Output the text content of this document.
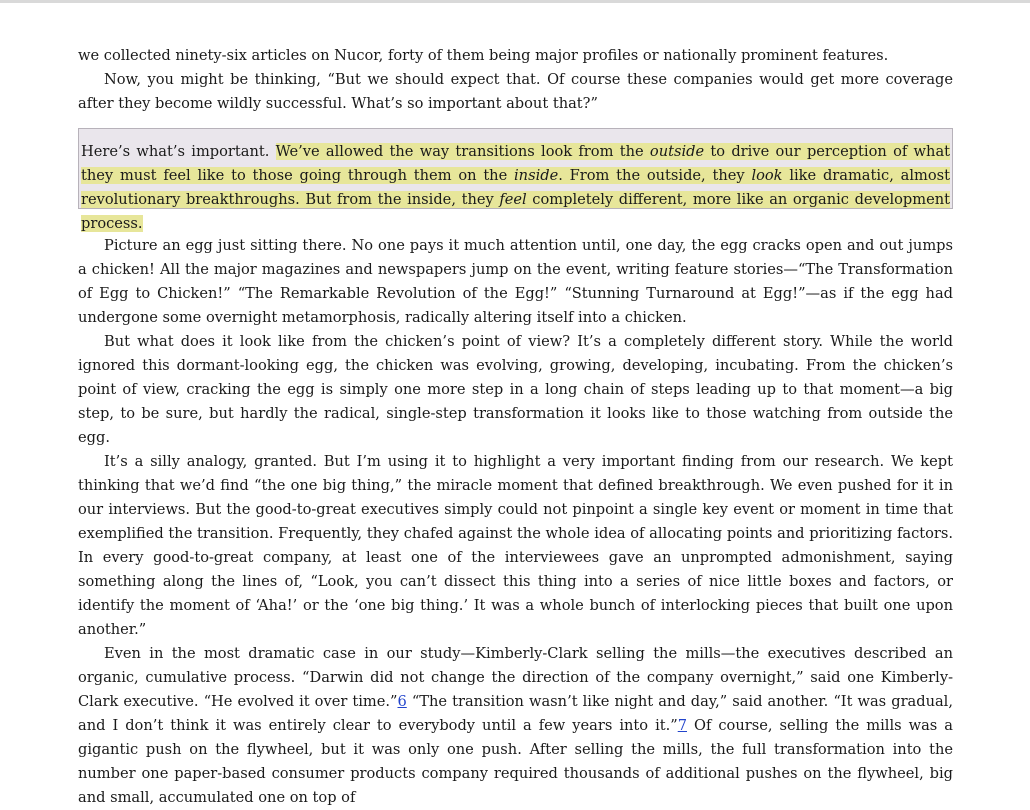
we collected ninety-six articles on Nucor, forty of them being major profiles or nationally prominent features.

Now, you might be thinking, “But we should expect that. Of course these companies would get more coverage after they become wildly successful. What’s so important about that?”

Here’s what’s important. We’ve allowed the way transitions look from the outside to drive our perception of what they must feel like to those going through them on the inside. From the outside, they look like dramatic, almost revolutionary breakthroughs. But from the inside, they feel completely different, more like an organic development process.

Picture an egg just sitting there. No one pays it much attention until, one day, the egg cracks open and out jumps a chicken! All the major magazines and newspapers jump on the event, writing feature stories—“The Transformation of Egg to Chicken!” “The Remarkable Revolution of the Egg!” “Stunning Turnaround at Egg!”—as if the egg had undergone some overnight metamorphosis, radically altering itself into a chicken.

But what does it look like from the chicken’s point of view? It’s a completely different story. While the world ignored this dormant-looking egg, the chicken was evolving, growing, developing, incubating. From the chicken’s point of view, cracking the egg is simply one more step in a long chain of steps leading up to that moment—a big step, to be sure, but hardly the radical, single-step transformation it looks like to those watching from outside the egg.

It’s a silly analogy, granted. But I’m using it to highlight a very important finding from our research. We kept thinking that we’d find “the one big thing,” the miracle moment that defined breakthrough. We even pushed for it in our interviews. But the good-to-great executives simply could not pinpoint a single key event or moment in time that exemplified the transition. Frequently, they chafed against the whole idea of allocating points and prioritizing factors. In every good-to-great company, at least one of the interviewees gave an unprompted admonishment, saying something along the lines of, “Look, you can’t dissect this thing into a series of nice little boxes and factors, or identify the moment of ‘Aha!’ or the ‘one big thing.’ It was a whole bunch of interlocking pieces that built one upon another.”

Even in the most dramatic case in our study—Kimberly-Clark selling the mills—the executives described an organic, cumulative process. “Darwin did not change the direction of the company overnight,” said one Kimberly-Clark executive. “He evolved it over time.”6 “The transition wasn’t like night and day,” said another. “It was gradual, and I don’t think it was entirely clear to everybody until a few years into it.”7 Of course, selling the mills was a gigantic push on the flywheel, but it was only one push. After selling the mills, the full transformation into the number one paper-based consumer products company required thousands of additional pushes on the flywheel, big and small, accumulated one on top of
